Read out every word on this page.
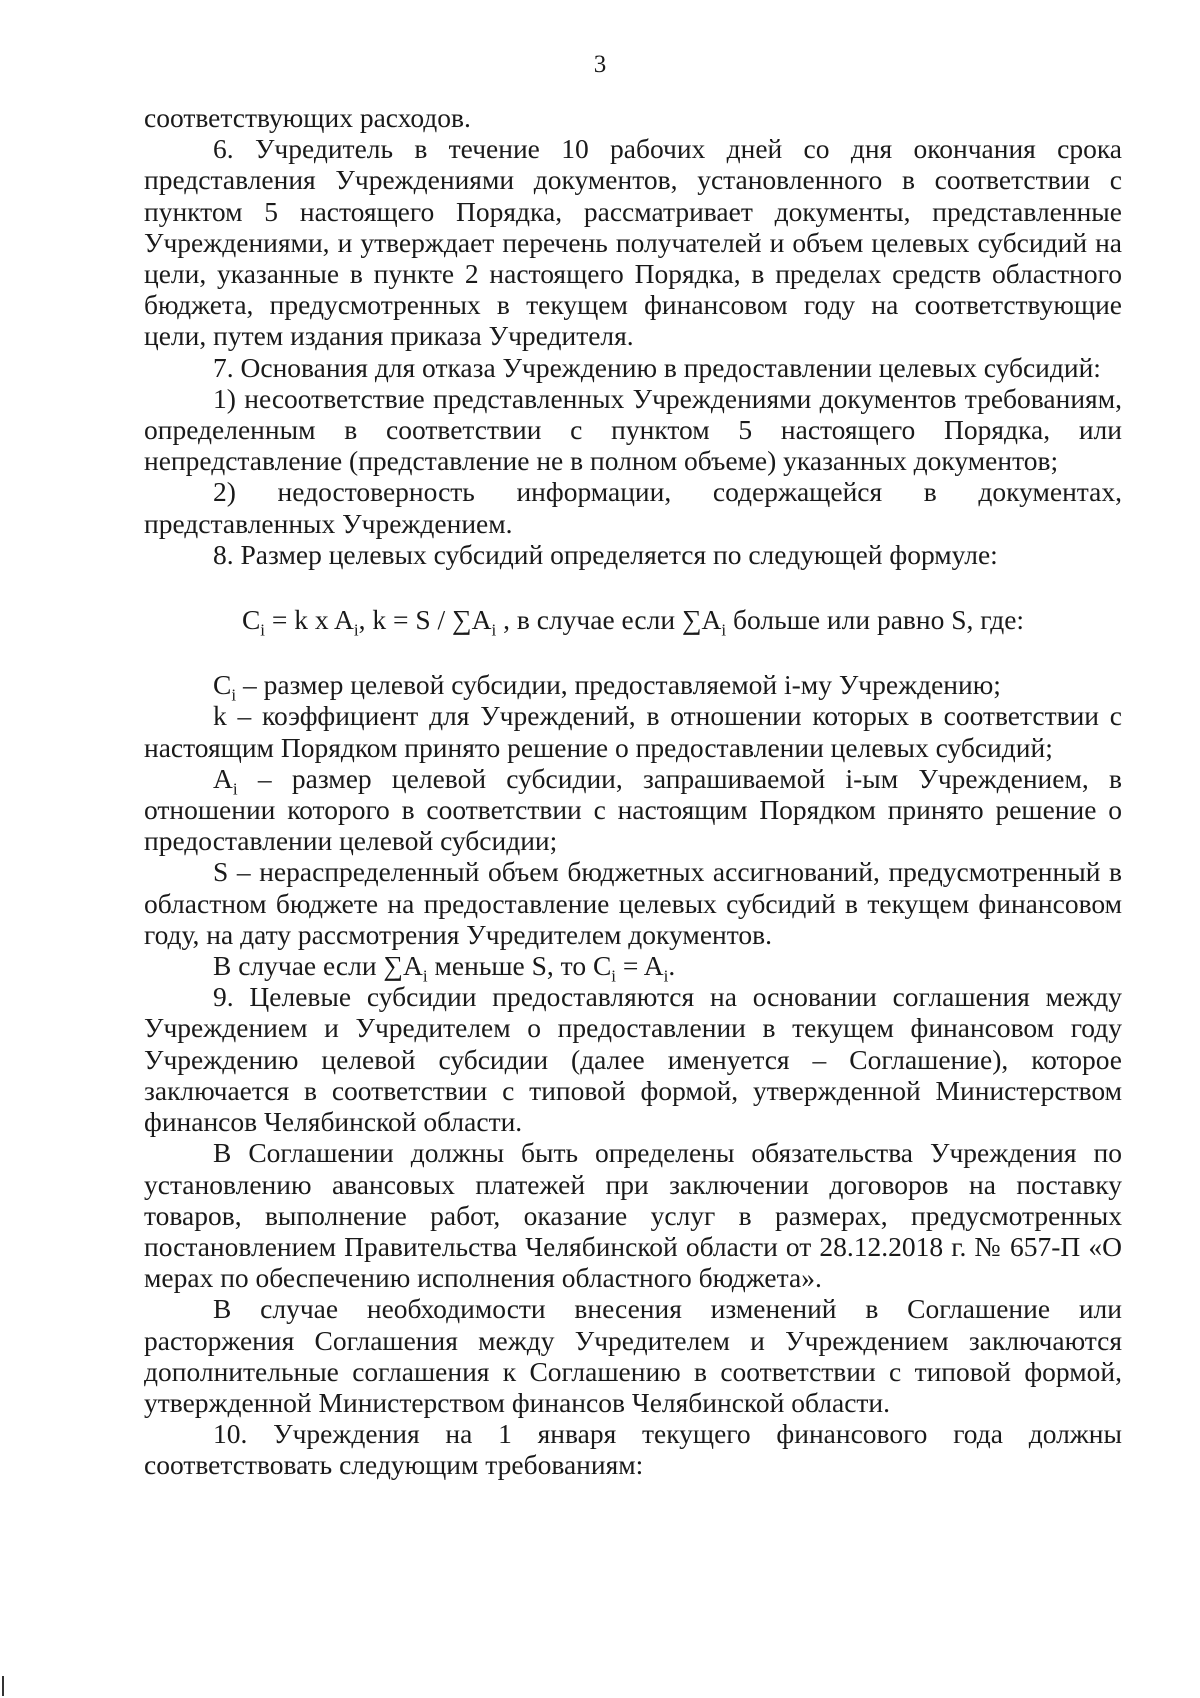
3

соответствующих расходов.

6. Учредитель в течение 10 рабочих дней со дня окончания срока представления Учреждениями документов, установленного в соответствии с пунктом 5 настоящего Порядка, рассматривает документы, представленные Учреждениями, и утверждает перечень получателей и объем целевых субсидий на цели, указанные в пункте 2 настоящего Порядка, в пределах средств областного бюджета, предусмотренных в текущем финансовом году на соответствующие цели, путем издания приказа Учредителя.

7. Основания для отказа Учреждению в предоставлении целевых субсидий:

1) несоответствие представленных Учреждениями документов требованиям, определенным в соответствии с пунктом 5 настоящего Порядка, или непредставление (представление не в полном объеме) указанных документов;

2) недостоверность информации, содержащейся в документах, представленных Учреждением.

8. Размер целевых субсидий определяется по следующей формуле:

$C_i = k$ x $A_i$, $k = S / \sum A_i$ , в случае если $\sum A_i$ больше или равно S, где:

$C_i$ – размер целевой субсидии, предоставляемой i-му Учреждению;

k – коэффициент для Учреждений, в отношении которых в соответствии с настоящим Порядком принято решение о предоставлении целевых субсидий;

$A_i$ – размер целевой субсидии, запрашиваемой i-ым Учреждением, в отношении которого в соответствии с настоящим Порядком принято решение о предоставлении целевой субсидии;

S – нераспределенный объем бюджетных ассигнований, предусмотренный в областном бюджете на предоставление целевых субсидий в текущем финансовом году, на дату рассмотрения Учредителем документов.

В случае если $\sum A_i$ меньше S, то $C_i = A_i$.

9. Целевые субсидии предоставляются на основании соглашения между Учреждением и Учредителем о предоставлении в текущем финансовом году Учреждению целевой субсидии (далее именуется – Соглашение), которое заключается в соответствии с типовой формой, утвержденной Министерством финансов Челябинской области.

В Соглашении должны быть определены обязательства Учреждения по установлению авансовых платежей при заключении договоров на поставку товаров, выполнение работ, оказание услуг в размерах, предусмотренных постановлением Правительства Челябинской области от 28.12.2018 г. № 657-П «О мерах по обеспечению исполнения областного бюджета».

В случае необходимости внесения изменений в Соглашение или расторжения Соглашения между Учредителем и Учреждением заключаются дополнительные соглашения к Соглашению в соответствии с типовой формой, утвержденной Министерством финансов Челябинской области.

10. Учреждения на 1 января текущего финансового года должны соответствовать следующим требованиям:
